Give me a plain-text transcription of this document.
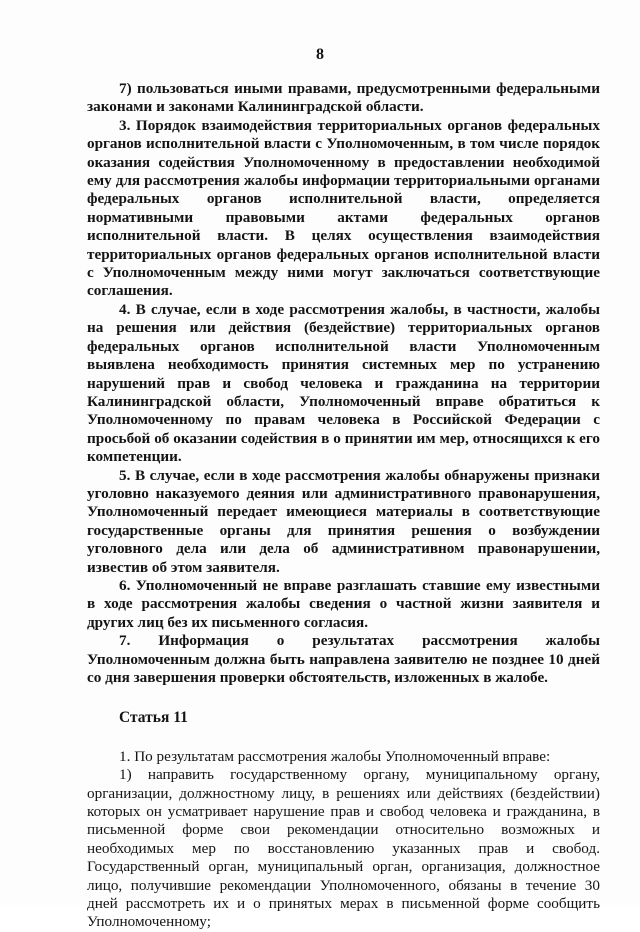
8

7) пользоваться иными правами, предусмотренными федеральными законами и законами Калининградской области.

3. Порядок взаимодействия территориальных органов федеральных органов исполнительной власти с Уполномоченным, в том числе порядок оказания содействия Уполномоченному в предоставлении необходимой ему для рассмотрения жалобы информации территориальными органами федеральных органов исполнительной власти, определяется нормативными правовыми актами федеральных органов исполнительной власти. В целях осуществления взаимодействия территориальных органов федеральных органов исполнительной власти с Уполномоченным между ними могут заключаться соответствующие соглашения.

4. В случае, если в ходе рассмотрения жалобы, в частности, жалобы на решения или действия (бездействие) территориальных органов федеральных органов исполнительной власти Уполномоченным выявлена необходимость принятия системных мер по устранению нарушений прав и свобод человека и гражданина на территории Калининградской области, Уполномоченный вправе обратиться к Уполномоченному по правам человека в Российской Федерации с просьбой об оказании содействия в о принятии им мер, относящихся к его компетенции.

5. В случае, если в ходе рассмотрения жалобы обнаружены признаки уголовно наказуемого деяния или административного правонарушения, Уполномоченный передает имеющиеся материалы в соответствующие государственные органы для принятия решения о возбуждении уголовного дела или дела об административном правонарушении, известив об этом заявителя.

6. Уполномоченный не вправе разглашать ставшие ему известными в ходе рассмотрения жалобы сведения о частной жизни заявителя и других лиц без их письменного согласия.

7. Информация о результатах рассмотрения жалобы Уполномоченным должна быть направлена заявителю не позднее 10 дней со дня завершения проверки обстоятельств, изложенных в жалобе.

Статья 11

1. По результатам рассмотрения жалобы Уполномоченный вправе:

1) направить государственному органу, муниципальному органу, организации, должностному лицу, в решениях или действиях (бездействии) которых он усматривает нарушение прав и свобод человека и гражданина, в письменной форме свои рекомендации относительно возможных и необходимых мер по восстановлению указанных прав и свобод. Государственный орган, муниципальный орган, организация, должностное лицо, получившие рекомендации Уполномоченного, обязаны в течение 30 дней рассмотреть их и о принятых мерах в письменной форме сообщить Уполномоченному;
